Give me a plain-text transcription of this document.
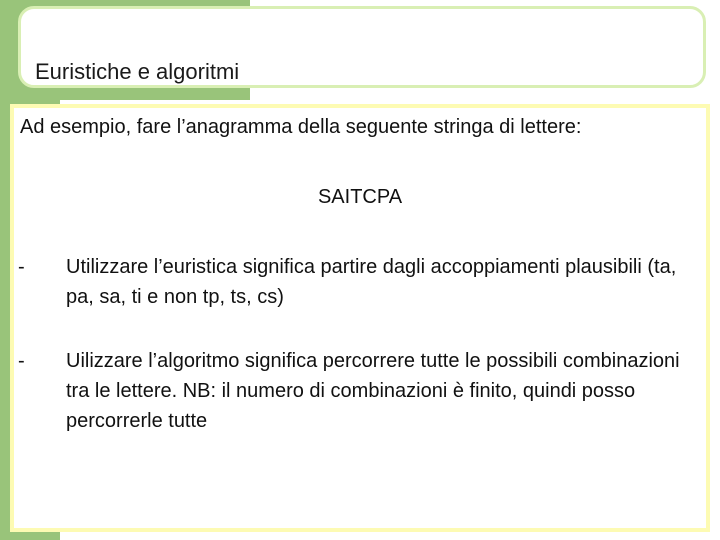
Euristiche e algoritmi
Ad esempio, fare l’anagramma della seguente stringa di lettere:
SAITCPA
-	Utilizzare l’euristica significa partire dagli accoppiamenti plausibili (ta, pa, sa, ti e non tp, ts, cs)
-	Uilizzare l’algoritmo significa percorrere tutte le possibili combinazioni tra le lettere. NB: il numero di combinazioni è finito, quindi posso percorrerle tutte
